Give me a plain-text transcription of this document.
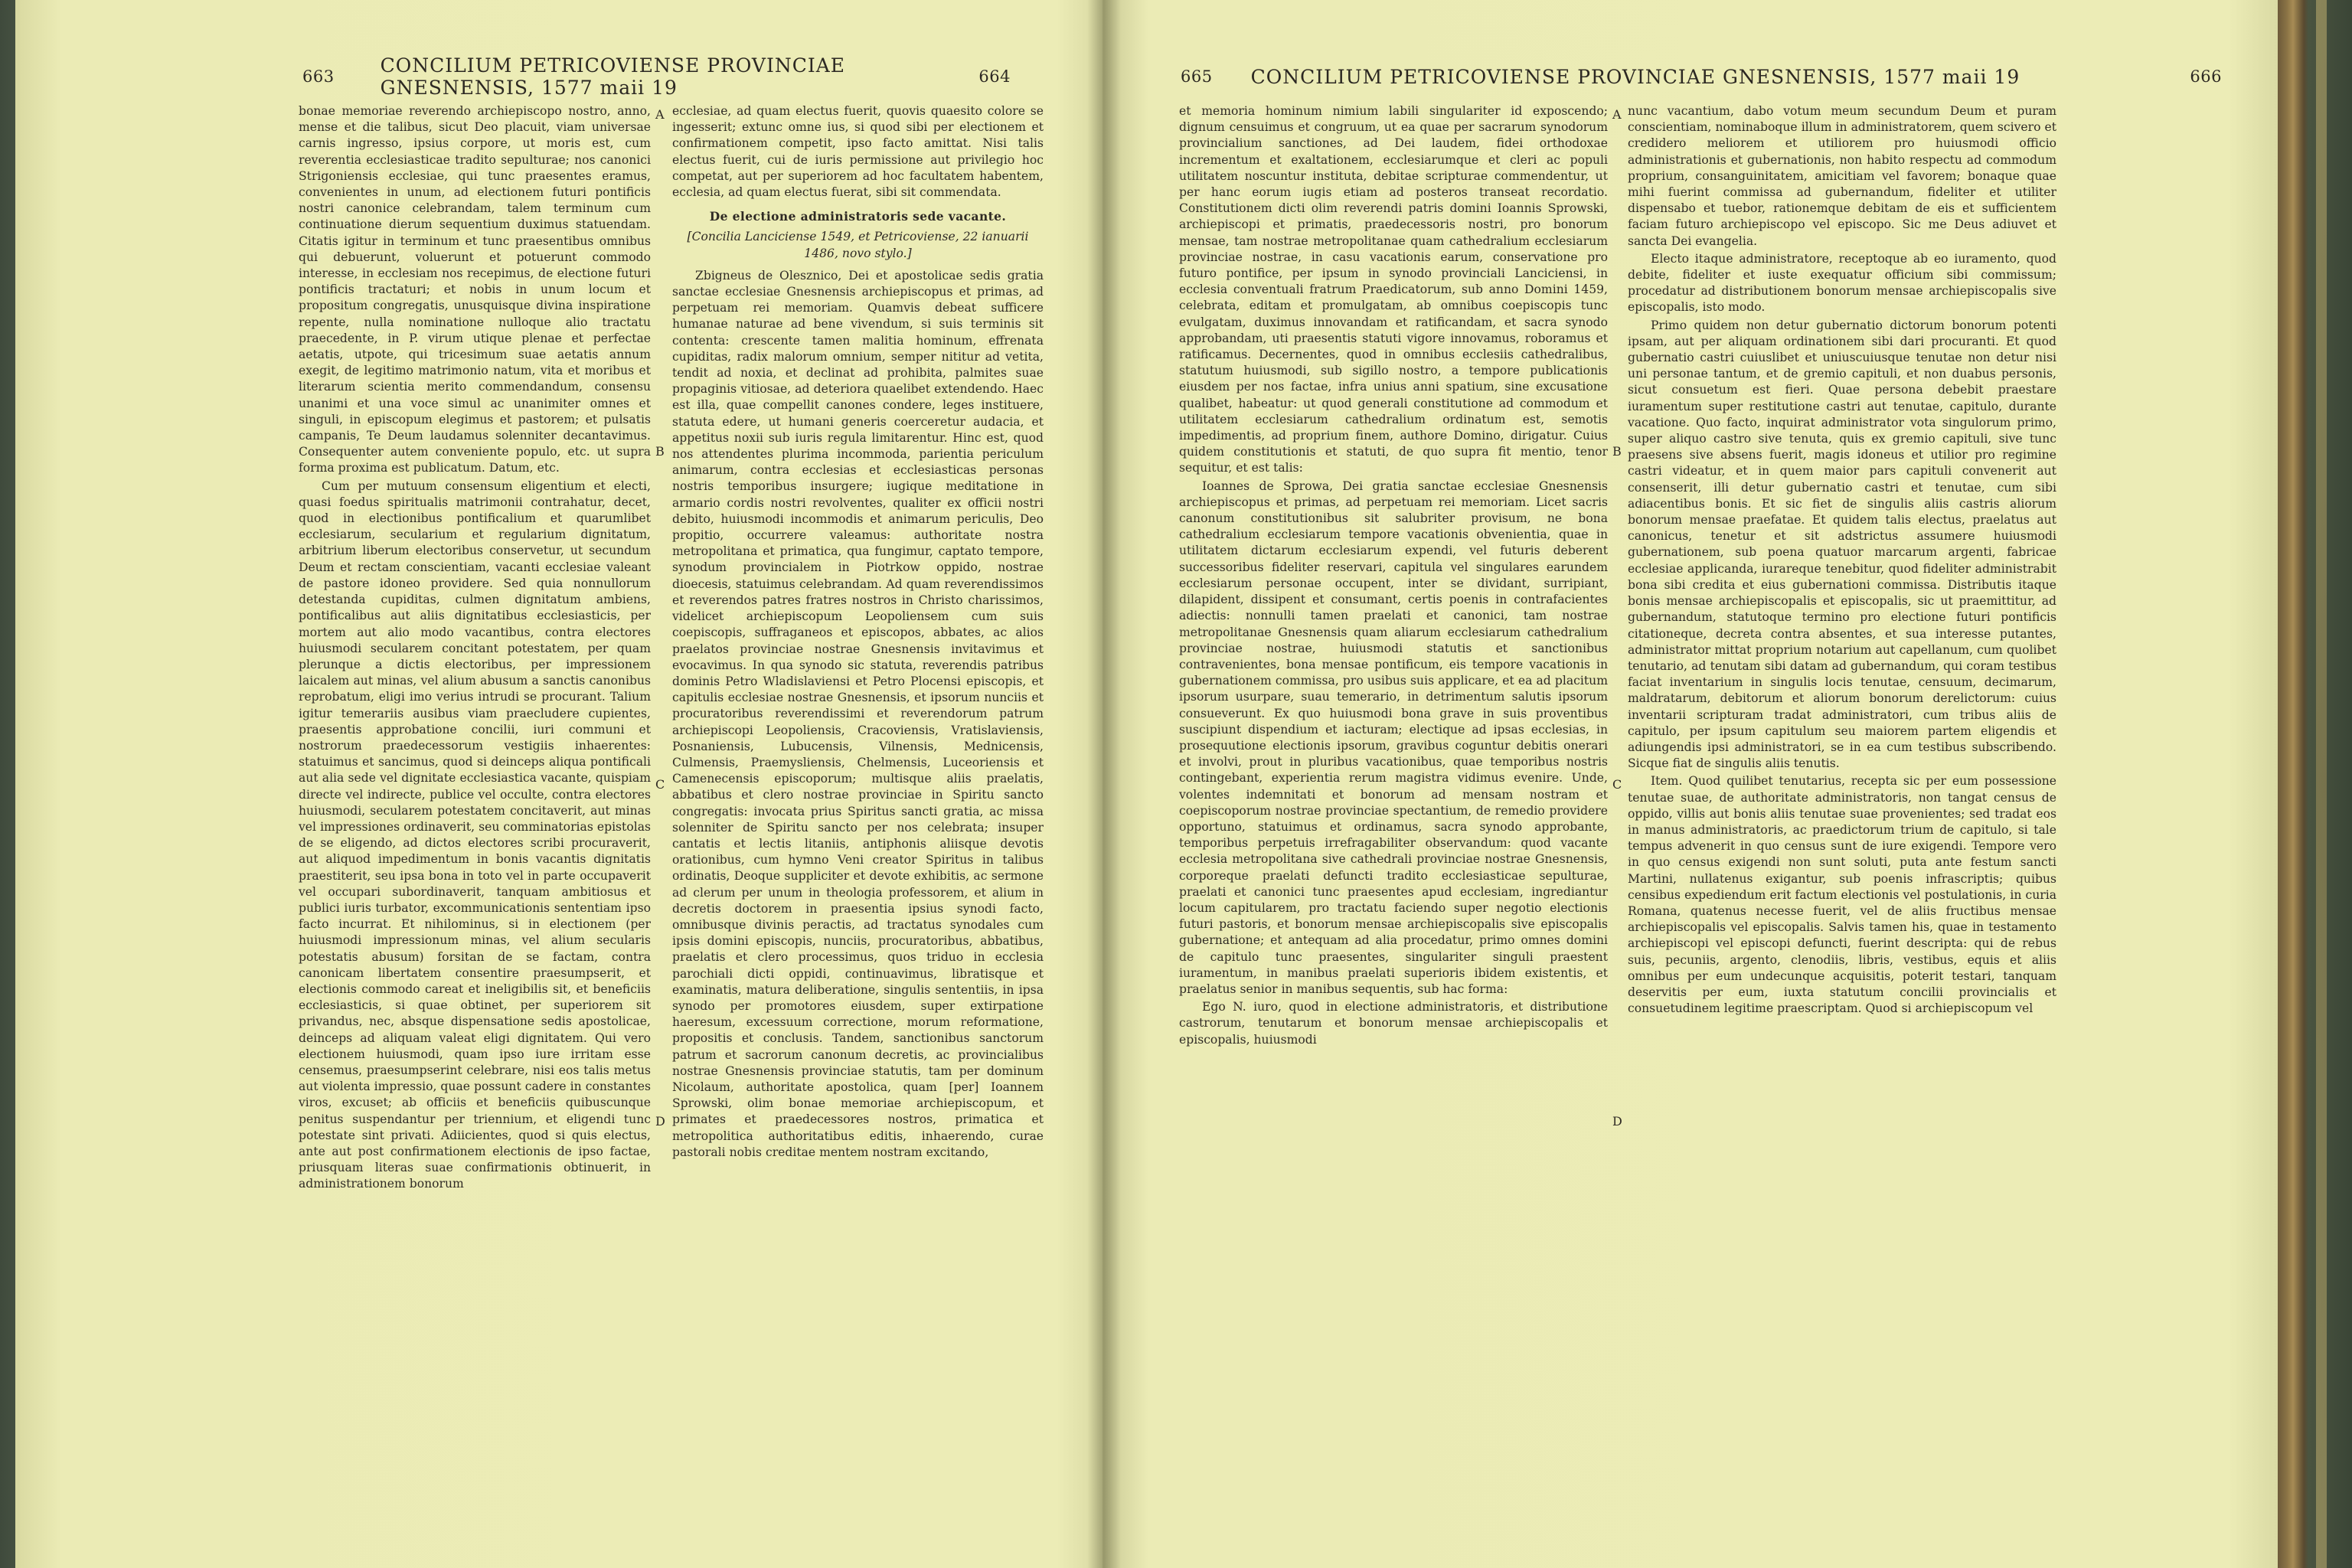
663 CONCILIUM PETRICOVIENSE PROVINCIAE GNESNENSIS, 1577 maii 19	664

bonae memoriae reverendo archiepiscopo nostro, anno, mense et die talibus, sicut Deo placuit, viam universae carnis ingresso, ipsius corpore, ut moris est, cum reverentia ecclesiasticae tradito sepulturae; nos canonici Strigoniensis ecclesiae, qui tunc praesentes eramus, convenientes in unum, ad electionem futuri pontificis nostri canonice celebrandam, talem terminum cum continuatione dierum sequentium duximus statuendam. Citatis igitur in terminum et tunc praesentibus omnibus qui debuerunt, voluerunt et potuerunt commodo interesse, in ecclesiam nos recepimus, de electione futuri pontificis tractaturi; et nobis in unum locum et propositum congregatis, unusquisque divina inspiratione repente, nulla nominatione nulloque alio tractatu praecedente, in P. virum utique plenae et perfectae aetatis, utpote, qui tricesimum suae aetatis annum exegit, de legitimo matrimonio natum, vita et moribus et literarum scientia merito commendandum, consensu unanimi et una voce simul ac unanimiter omnes et singuli, in episcopum elegimus et pastorem; et pulsatis campanis, Te Deum laudamus solenniter decantavimus. Consequenter autem conveniente populo, etc. ut supra forma proxima est publicatum. Datum, etc.

Cum per mutuum consensum eligentium et electi, quasi foedus spiritualis matrimonii contrahatur, decet, quod in electionibus pontificalium et quarumlibet ecclesiarum, secularium et regularium dignitatum, arbitrium liberum electoribus conservetur, ut secundum Deum et rectam conscientiam, vacanti ecclesiae valeant de pastore idoneo providere. Sed quia nonnullorum detestanda cupiditas, culmen dignitatum ambiens, pontificalibus aut aliis dignitatibus ecclesiasticis, per mortem aut alio modo vacantibus, contra electores huiusmodi secularem concitant potestatem, per quam plerunque a dictis electoribus, per impressionem laicalem aut minas, vel alium abusum a sanctis canonibus reprobatum, eligi imo verius intrudi se procurant. Talium igitur temerariis ausibus viam praecludere cupientes, praesentis approbatione concilii, iuri communi et nostrorum praedecessorum vestigiis inhaerentes: statuimus et sancimus, quod si deinceps aliqua pontificali aut alia sede vel dignitate ecclesiastica vacante, quispiam directe vel indirecte, publice vel occulte, contra electores huiusmodi, secularem potestatem concitaverit, aut minas vel impressiones ordinaverit, seu comminatorias epistolas de se eligendo, ad dictos electores scribi procuraverit, aut aliquod impedimentum in bonis vacantis dignitatis praestiterit, seu ipsa bona in toto vel in parte occupaverit vel occupari subordinaverit, tanquam ambitiosus et publici iuris turbator, excommunicationis sententiam ipso facto incurrat. Et nihilominus, si in electionem (per huiusmodi impressionum minas, vel alium secularis potestatis abusum) forsitan de se factam, contra canonicam libertatem consentire praesumpserit, et electionis commodo careat et ineligibilis sit, et beneficiis ecclesiasticis, si quae obtinet, per superiorem sit privandus, nec, absque dispensatione sedis apostolicae, deinceps ad aliquam valeat eligi dignitatem. Qui vero electionem huiusmodi, quam ipso iure irritam esse censemus, praesumpserint celebrare, nisi eos talis metus aut violenta impressio, quae possunt cadere in constantes viros, excuset; ab officiis et beneficiis quibuscunque penitus suspendantur per triennium, et eligendi tunc potestate sint privati. Adiicientes, quod si quis electus, ante aut post confirmationem electionis de ipso factae, priusquam literas suae confirmationis obtinuerit, in administrationem bonorum

ecclesiae, ad quam electus fuerit, quovis quaesito colore se ingesserit; extunc omne ius, si quod sibi per electionem et confirmationem competit, ipso facto amittat. Nisi talis electus fuerit, cui de iuris permissione aut privilegio hoc competat, aut per superiorem ad hoc facultatem habentem, ecclesia, ad quam electus fuerat, sibi sit commendata.

De electione administratoris sede vacante.
[Concilia Lanciciense 1549, et Petricoviense, 22 ianuarii 1486, novo stylo.]

Zbigneus de Olesznico, Dei et apostolicae sedis gratia sanctae ecclesiae Gnesnensis archiepiscopus et primas, ad perpetuam rei memoriam. Quamvis debeat sufficere humanae naturae ad bene vivendum, si suis terminis sit contenta: crescente tamen malitia hominum, effrenata cupiditas, radix malorum omnium, semper nititur ad vetita, tendit ad noxia, et declinat ad prohibita, palmites suae propaginis vitiosae, ad deteriora quaelibet extendendo. Haec est illa, quae compellit canones condere, leges instituere, statuta edere, ut humani generis coerceretur audacia, et appetitus noxii sub iuris regula limitarentur. Hinc est, quod nos attendentes plurima incommoda, parientia periculum animarum, contra ecclesias et ecclesiasticas personas nostris temporibus insurgere; iugique meditatione in armario cordis nostri revolventes, qualiter ex officii nostri debito, huiusmodi incommodis et animarum periculis, Deo propitio, occurrere valeamus: authoritate nostra metropolitana et primatica, qua fungimur, captato tempore, synodum provincialem in Piotrkow oppido, nostrae dioecesis, statuimus celebrandam. Ad quam reverendissimos et reverendos patres fratres nostros in Christo charissimos, videlicet archiepiscopum Leopoliensem cum suis coepiscopis, suffraganeos et episcopos, abbates, ac alios praelatos provinciae nostrae Gnesnensis invitavimus et evocavimus. In qua synodo sic statuta, reverendis patribus dominis Petro Wladislaviensi et Petro Plocensi episcopis, et capitulis ecclesiae nostrae Gnesnensis, et ipsorum nunciis et procuratoribus reverendissimi et reverendorum patrum archiepiscopi Leopoliensis, Cracoviensis, Vratislaviensis, Posnaniensis, Lubucensis, Vilnensis, Mednicensis, Culmensis, Praemysliensis, Chelmensis, Luceoriensis et Camenecensis episcoporum; multisque aliis praelatis, abbatibus et clero nostrae provinciae in Spiritu sancto congregatis: invocata prius Spiritus sancti gratia, ac missa solenniter de Spiritu sancto per nos celebrata; insuper cantatis et lectis litaniis, antiphonis aliisque devotis orationibus, cum hymno Veni creator Spiritus in talibus ordinatis, Deoque suppliciter et devote exhibitis, ac sermone ad clerum per unum in theologia professorem, et alium in decretis doctorem in praesentia ipsius synodi facto, omnibusque divinis peractis, ad tractatus synodales cum ipsis domini episcopis, nunciis, procuratoribus, abbatibus, praelatis et clero processimus, quos triduo in ecclesia parochiali dicti oppidi, continuavimus, libratisque et examinatis, matura deliberatione, singulis sententiis, in ipsa synodo per promotores eiusdem, super extirpatione haeresum, excessuum correctione, morum reformatione, propositis et conclusis. Tandem, sanctionibus sanctorum patrum et sacrorum canonum decretis, ac provincialibus nostrae Gnesnensis provinciae statutis, tam per dominum Nicolaum, authoritate apostolica, quam [per] Ioannem Sprowski, olim bonae memoriae archiepiscopum, et primates et praedecessores nostros, primatica et metropolitica authoritatibus editis, inhaerendo, curae pastorali nobis creditae mentem nostram excitando,

A
B
C
D
665 CONCILIUM PETRICOVIENSE PROVINCIAE GNESNENSIS, 1577 maii 19	666

et memoria hominum nimium labili singulariter id exposcendo; dignum censuimus et congruum, ut ea quae per sacrarum synodorum provincialium sanctiones, ad Dei laudem, fidei orthodoxae incrementum et exaltationem, ecclesiarumque et cleri ac populi utilitatem noscuntur instituta, debitae scripturae commendentur, ut per hanc eorum iugis etiam ad posteros transeat recordatio. Constitutionem dicti olim reverendi patris domini Ioannis Sprowski, archiepiscopi et primatis, praedecessoris nostri, pro bonorum mensae, tam nostrae metropolitanae quam cathedralium ecclesiarum provinciae nostrae, in casu vacationis earum, conservatione pro futuro pontifice, per ipsum in synodo provinciali Lanciciensi, in ecclesia conventuali fratrum Praedicatorum, sub anno Domini 1459, celebrata, editam et promulgatam, ab omnibus coepiscopis tunc evulgatam, duximus innovandam et ratificandam, et sacra synodo approbandam, uti praesentis statuti vigore innovamus, roboramus et ratificamus. Decernentes, quod in omnibus ecclesiis cathedralibus, statutum huiusmodi, sub sigillo nostro, a tempore publicationis eiusdem per nos factae, infra unius anni spatium, sine excusatione qualibet, habeatur: ut quod generali constitutione ad commodum et utilitatem ecclesiarum cathedralium ordinatum est, semotis impedimentis, ad proprium finem, authore Domino, dirigatur. Cuius quidem constitutionis et statuti, de quo supra fit mentio, tenor sequitur, et est talis:

Ioannes de Sprowa, Dei gratia sanctae ecclesiae Gnesnensis archiepiscopus et primas, ad perpetuam rei memoriam. Licet sacris canonum constitutionibus sit salubriter provisum, ne bona cathedralium ecclesiarum tempore vacationis obvenientia, quae in utilitatem dictarum ecclesiarum expendi, vel futuris deberent successoribus fideliter reservari, capitula vel singulares earundem ecclesiarum personae occupent, inter se dividant, surripiant, dilapident, dissipent et consumant, certis poenis in contrafacientes adiectis: nonnulli tamen praelati et canonici, tam nostrae metropolitanae Gnesnensis quam aliarum ecclesiarum cathedralium provinciae nostrae, huiusmodi statutis et sanctionibus contravenientes, bona mensae pontificum, eis tempore vacationis in gubernationem commissa, pro usibus suis applicare, et ea ad placitum ipsorum usurpare, suau temerario, in detrimentum salutis ipsorum consueverunt. Ex quo huiusmodi bona grave in suis proventibus suscipiunt dispendium et iacturam; electique ad ipsas ecclesias, in prosequutione electionis ipsorum, gravibus coguntur debitis onerari et involvi, prout in pluribus vacationibus, quae temporibus nostris contingebant, experientia rerum magistra vidimus evenire. Unde, volentes indemnitati et bonorum ad mensam nostram et coepiscoporum nostrae provinciae spectantium, de remedio providere opportuno, statuimus et ordinamus, sacra synodo approbante, temporibus perpetuis irrefragabiliter observandum: quod vacante ecclesia metropolitana sive cathedrali provinciae nostrae Gnesnensis, corporeque praelati defuncti tradito ecclesiasticae sepulturae, praelati et canonici tunc praesentes apud ecclesiam, ingrediantur locum capitularem, pro tractatu faciendo super negotio electionis futuri pastoris, et bonorum mensae archiepiscopalis sive episcopalis gubernatione; et antequam ad alia procedatur, primo omnes domini de capitulo tunc praesentes, singulariter singuli praestent iuramentum, in manibus praelati superioris ibidem existentis, et praelatus senior in manibus sequentis, sub hac forma:

Ego N. iuro, quod in electione administratoris, et distributione castrorum, tenutarum et bonorum mensae archiepiscopalis et episcopalis, huiusmodi

nunc vacantium, dabo votum meum secundum Deum et puram conscientiam, nominaboque illum in administratorem, quem scivero et credidero meliorem et utiliorem pro huiusmodi officio administrationis et gubernationis, non habito respectu ad commodum proprium, consanguinitatem, amicitiam vel favorem; bonaque quae mihi fuerint commissa ad gubernandum, fideliter et utiliter dispensabo et tuebor, rationemque debitam de eis et sufficientem faciam futuro archiepiscopo vel episcopo. Sic me Deus adiuvet et sancta Dei evangelia.

Electo itaque administratore, receptoque ab eo iuramento, quod debite, fideliter et iuste exequatur officium sibi commissum; procedatur ad distributionem bonorum mensae archiepiscopalis sive episcopalis, isto modo.

Primo quidem non detur gubernatio dictorum bonorum potenti ipsam, aut per aliquam ordinationem sibi dari procuranti. Et quod gubernatio castri cuiuslibet et uniuscuiusque tenutae non detur nisi uni personae tantum, et de gremio capituli, et non duabus personis, sicut consuetum est fieri. Quae persona debebit praestare iuramentum super restitutione castri aut tenutae, capitulo, durante vacatione. Quo facto, inquirat administrator vota singulorum primo, super aliquo castro sive tenuta, quis ex gremio capituli, sive tunc praesens sive absens fuerit, magis idoneus et utilior pro regimine castri videatur, et in quem maior pars capituli convenerit aut consenserit, illi detur gubernatio castri et tenutae, cum sibi adiacentibus bonis. Et sic fiet de singulis aliis castris aliorum bonorum mensae praefatae. Et quidem talis electus, praelatus aut canonicus, tenetur et sit adstrictus assumere huiusmodi gubernationem, sub poena quatuor marcarum argenti, fabricae ecclesiae applicanda, iurareque tenebitur, quod fideliter administrabit bona sibi credita et eius gubernationi commissa. Distributis itaque bonis mensae archiepiscopalis et episcopalis, sic ut praemittitur, ad gubernandum, statutoque termino pro electione futuri pontificis citationeque, decreta contra absentes, et sua interesse putantes, administrator mittat proprium notarium aut capellanum, cum quolibet tenutario, ad tenutam sibi datam ad gubernandum, qui coram testibus faciat inventarium in singulis locis tenutae, censuum, decimarum, maldratarum, debitorum et aliorum bonorum derelictorum: cuius inventarii scripturam tradat administratori, cum tribus aliis de capitulo, per ipsum capitulum seu maiorem partem eligendis et adiungendis ipsi administratori, se in ea cum testibus subscribendo. Sicque fiat de singulis aliis tenutis.

Item. Quod quilibet tenutarius, recepta sic per eum possessione tenutae suae, de authoritate administratoris, non tangat census de oppido, villis aut bonis aliis tenutae suae provenientes; sed tradat eos in manus administratoris, ac praedictorum trium de capitulo, si tale tempus advenerit in quo census sunt de iure exigendi. Tempore vero in quo census exigendi non sunt soluti, puta ante festum sancti Martini, nullatenus exigantur, sub poenis infrascriptis; quibus censibus expediendum erit factum electionis vel postulationis, in curia Romana, quatenus necesse fuerit, vel de aliis fructibus mensae archiepiscopalis vel episcopalis. Salvis tamen his, quae in testamento archiepiscopi vel episcopi defuncti, fuerint descripta: qui de rebus suis, pecuniis, argento, clenodiis, libris, vestibus, equis et aliis omnibus per eum undecunque acquisitis, poterit testari, tanquam deservitis per eum, iuxta statutum concilii provincialis et consuetudinem legitime praescriptam. Quod si archiepiscopum vel

A
B
C
D
